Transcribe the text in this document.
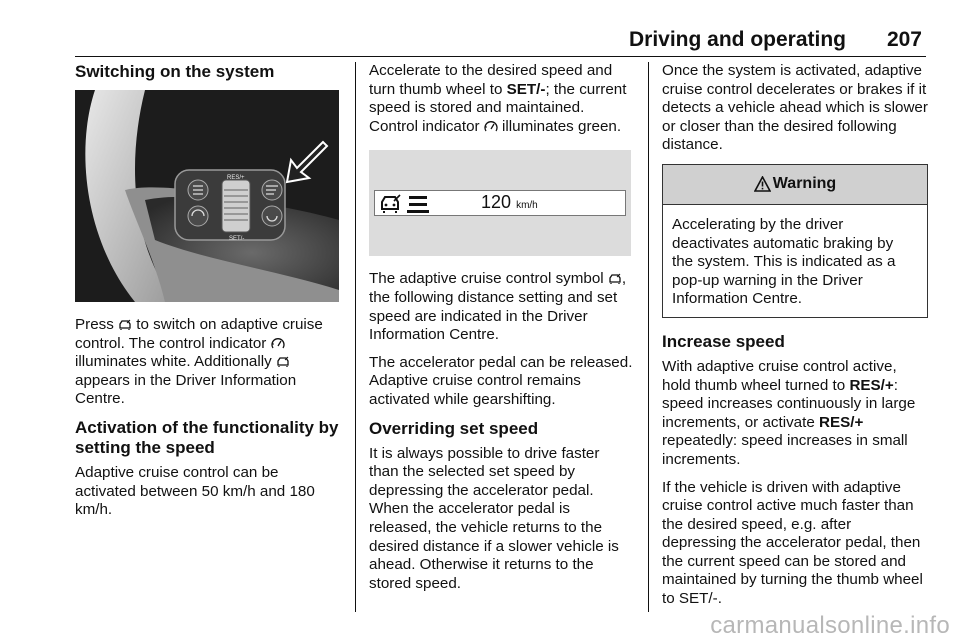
Driving and operating 207
Switching on the system
RES/+
SET/-

Press  to switch on adaptive cruise control. The control indicator  illuminates white. Additionally  appears in the Driver Information Centre.

Activation of the functionality by setting the speed

Adaptive cruise control can be activated between 50 km/h and 180 km/h.

Accelerate to the desired speed and turn thumb wheel to SET/-; the current speed is stored and maintained. Control indicator  illuminates green.

120 km/h

The adaptive cruise control symbol , the following distance setting and set speed are indicated in the Driver Information Centre.

The accelerator pedal can be released. Adaptive cruise control remains activated while gearshifting.

Overriding set speed

It is always possible to drive faster than the selected set speed by depressing the accelerator pedal. When the accelerator pedal is released, the vehicle returns to the desired distance if a slower vehicle is ahead. Otherwise it returns to the stored speed.

Once the system is activated, adaptive cruise control decelerates or brakes if it detects a vehicle ahead which is slower or closer than the desired following distance.

Warning

Accelerating by the driver deactivates automatic braking by the system. This is indicated as a pop-up warning in the Driver Information Centre.

Increase speed

With adaptive cruise control active, hold thumb wheel turned to RES/+: speed increases continuously in large increments, or activate RES/+ repeatedly: speed increases in small increments.

If the vehicle is driven with adaptive cruise control active much faster than the desired speed, e.g. after depressing the accelerator pedal, then the current speed can be stored and maintained by turning the thumb wheel to SET/-.

carmanualsonline.info
